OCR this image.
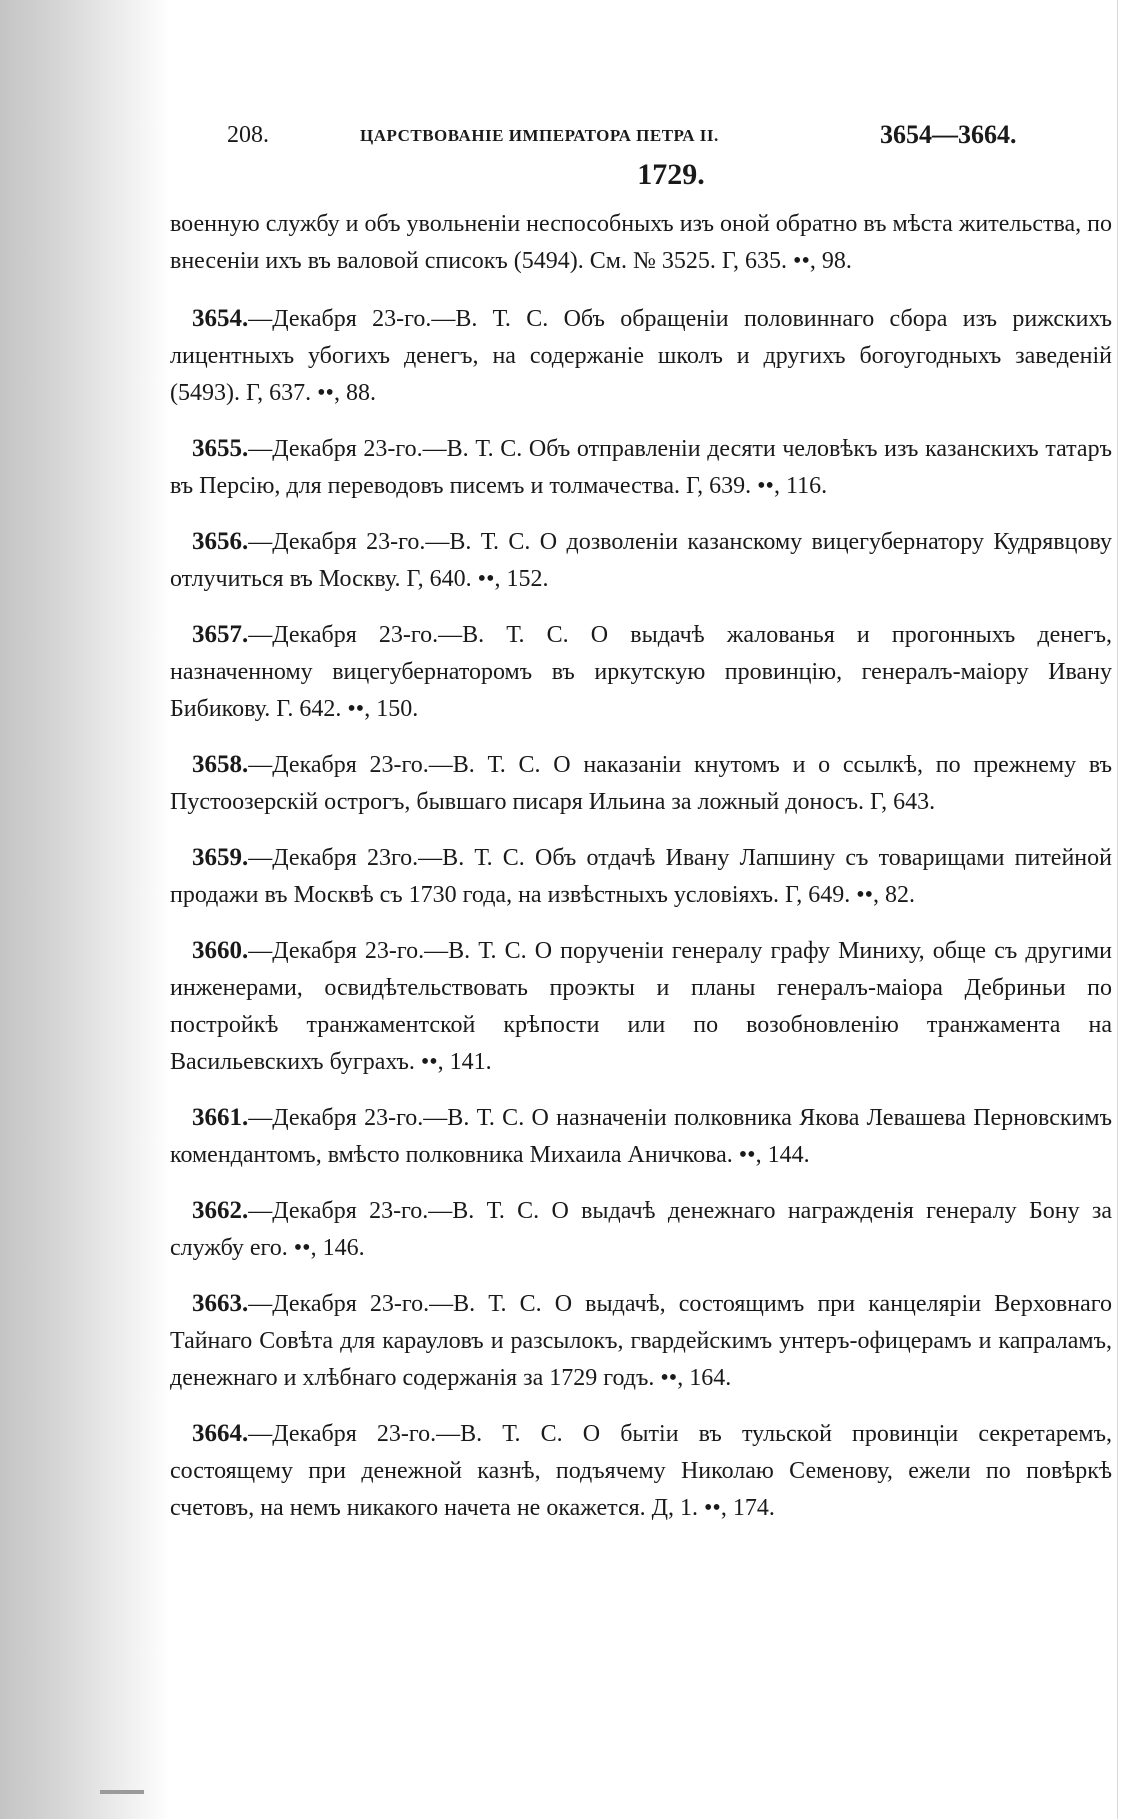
208.	ЦАРСТВОВАНІЕ ИМПЕРАТОРА ПЕТРА II.	3654—3664.
1729.

военную службу и объ увольненіи неспособныхъ изъ оной обратно въ мѣста жительства, по внесеніи ихъ въ валовой списокъ (5494). См. № 3525. Г, 635. ••, 98.

3654.—Декабря 23-го.—В. Т. С. Объ обращеніи половиннаго сбора изъ рижскихъ лицентныхъ убогихъ денегъ, на содержаніе школъ и другихъ богоугодныхъ заведеній (5493). Г, 637. ••, 88.

3655.—Декабря 23-го.—В. Т. С. Объ отправленіи десяти человѣкъ изъ казанскихъ татаръ въ Персію, для переводовъ писемъ и толмачества. Г, 639. ••, 116.

3656.—Декабря 23-го.—В. Т. С. О дозволеніи казанскому вицегубернатору Кудрявцову отлучиться въ Москву. Г, 640. ••, 152.

3657.—Декабря 23-го.—В. Т. С. О выдачѣ жалованья и прогонныхъ денегъ, назначенному вицегубернаторомъ въ иркутскую провинцію, генералъ-маіору Ивану Бибикову. Г. 642. ••, 150.

3658.—Декабря 23-го.—В. Т. С. О наказаніи кнутомъ и о ссылкѣ, по прежнему въ Пустоозерскій острогъ, бывшаго писаря Ильина за ложный доносъ. Г, 643.

3659.—Декабря 23го.—В. Т. С. Объ отдачѣ Ивану Лапшину съ товарищами питейной продажи въ Москвѣ съ 1730 года, на извѣстныхъ условіяхъ. Г, 649. ••, 82.

3660.—Декабря 23-го.—В. Т. С. О порученіи генералу графу Миниху, обще съ другими инженерами, освидѣтельствовать проэкты и планы генералъ-маіора Дебриньи по постройкѣ транжаментской крѣпости или по возобновленію транжамента на Васильевскихъ буграхъ. ••, 141.

3661.—Декабря 23-го.—В. Т. С. О назначеніи полковника Якова Левашева Перновскимъ комендантомъ, вмѣсто полковника Михаила Аничкова. ••, 144.

3662.—Декабря 23-го.—В. Т. С. О выдачѣ денежнаго награжденія генералу Бону за службу его. ••, 146.

3663.—Декабря 23-го.—В. Т. С. О выдачѣ, состоящимъ при канцеляріи Верховнаго Тайнаго Совѣта для карауловъ и разсылокъ, гвардейскимъ унтеръ-офицерамъ и капраламъ, денежнаго и хлѣбнаго содержанія за 1729 годъ. ••, 164.

3664.—Декабря 23-го.—В. Т. С. О бытіи въ тульской провинціи секретаремъ, состоящему при денежной казнѣ, подъячему Николаю Семенову, ежели по повѣркѣ счетовъ, на немъ никакого начета не окажется. Д, 1. ••, 174.
